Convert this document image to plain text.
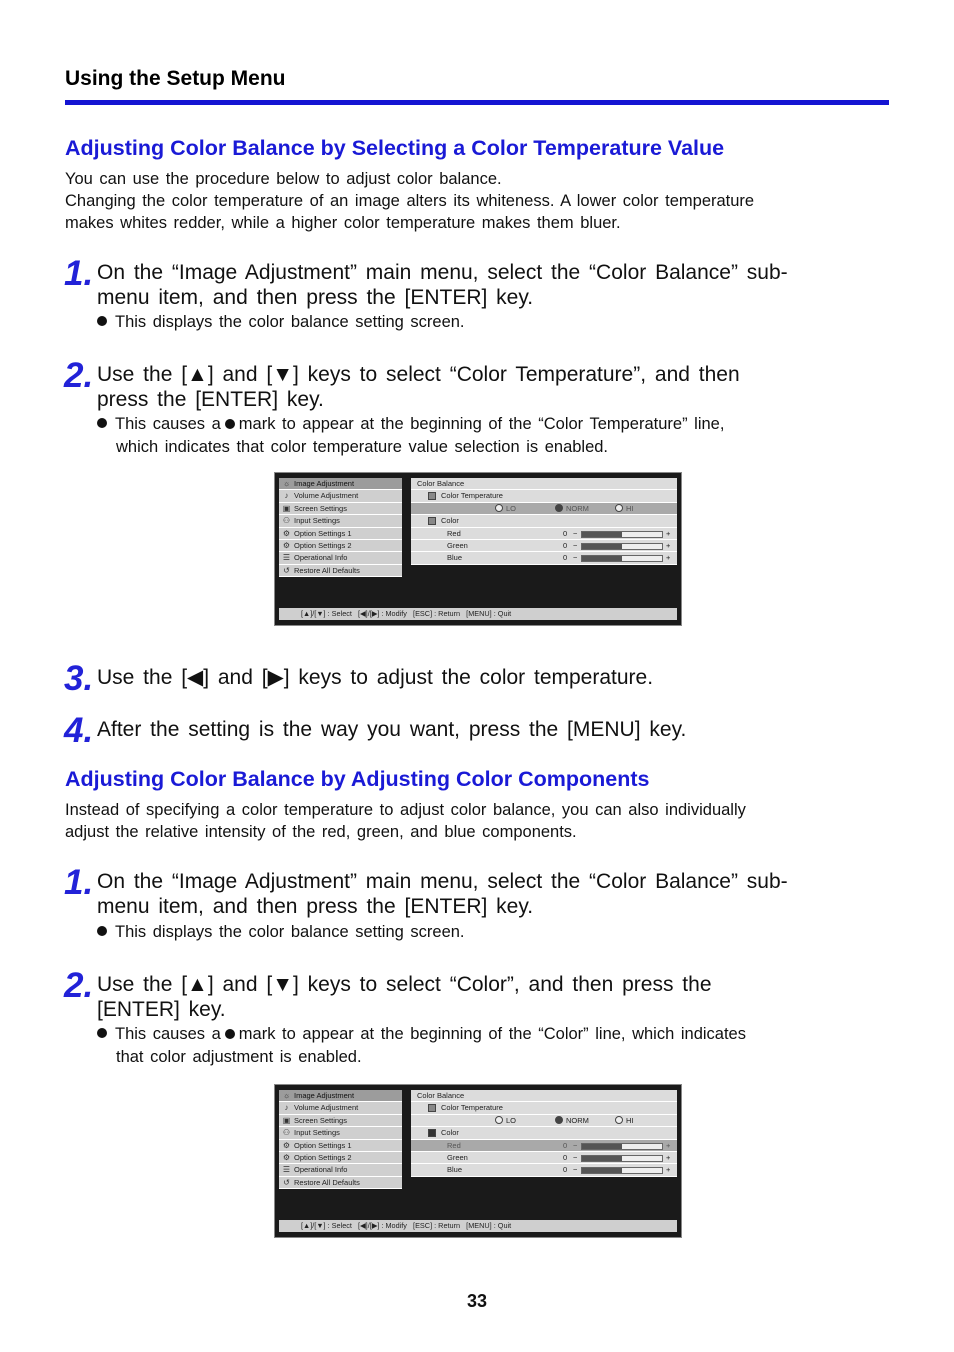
Using the Setup Menu
Adjusting Color Balance by Selecting a Color Temperature Value
You can use the procedure below to adjust color balance.
Changing the color temperature of an image alters its whiteness. A lower color temperature
makes whites redder, while a higher color temperature makes them bluer.
1. On the “Image Adjustment” main menu, select the “Color Balance” sub-
menu item, and then press the [ENTER] key.
This displays the color balance setting screen.
2. Use the [▲] and [▼] keys to select “Color Temperature”, and then
press the [ENTER] key.
This causes a mark to appear at the beginning of the “Color Temperature” line,
which indicates that color temperature value selection is enabled.
☼ Image Adjustment
♪ Volume Adjustment
▣ Screen Settings
⚇ Input Settings
⚙ Option Settings 1
⚙ Option Settings 2
☰ Operational Info
↺ Restore All Defaults
Color Balance
Color Temperature
LO	NORM	HI
Color
Red	0 −	+
Green	0 −	+
Blue	0 −	+
[▲]/[▼] : Select   [◀]/[▶] : Modify   [ESC] : Return   [MENU] : Quit
3. Use the [◀] and [▶] keys to adjust the color temperature.
4. After the setting is the way you want, press the [MENU] key.
Adjusting Color Balance by Adjusting Color Components
Instead of specifying a color temperature to adjust color balance, you can also individually
adjust the relative intensity of the red, green, and blue components.
1. On the “Image Adjustment” main menu, select the “Color Balance” sub-
menu item, and then press the [ENTER] key.
This displays the color balance setting screen.
2. Use the [▲] and [▼] keys to select “Color”, and then press the
[ENTER] key.
This causes a mark to appear at the beginning of the “Color” line, which indicates
that color adjustment is enabled.
☼ Image Adjustment
♪ Volume Adjustment
▣ Screen Settings
⚇ Input Settings
⚙ Option Settings 1
⚙ Option Settings 2
☰ Operational Info
↺ Restore All Defaults
Color Balance
Color Temperature
LO	NORM	HI
Color
Red	0 −	+
Green	0 −	+
Blue	0 −	+
[▲]/[▼] : Select   [◀]/[▶] : Modify   [ESC] : Return   [MENU] : Quit
33
